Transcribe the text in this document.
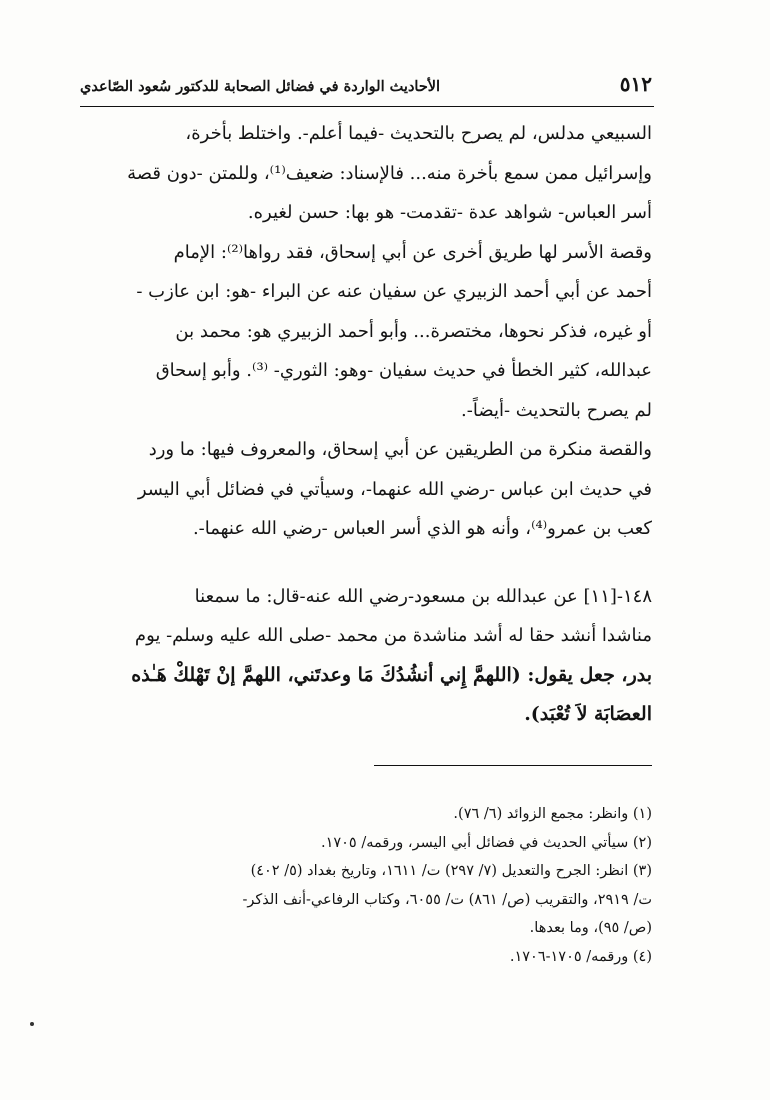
٥١٢
الأحاديث الواردة في فضائل الصحابة للدكتور سُعود الصّاعدي
السبيعي مدلس، لم يصرح بالتحديث -فيما أعلم-. واختلط بأخرة،
وإسرائيل ممن سمع بأخرة منه... فالإسناد: ضعيف⁽¹⁾، وللمتن -دون قصة
أسر العباس- شواهد عدة -تقدمت- هو بها: حسن لغيره.
وقصة الأسر لها طريق أخرى عن أبي إسحاق، فقد رواها⁽²⁾: الإمام
أحمد عن أبي أحمد الزبيري عن سفيان عنه عن البراء -هو: ابن عازب -
أو غيره، فذكر نحوها، مختصرة... وأبو أحمد الزبيري هو: محمد بن
عبدالله، كثير الخطأ في حديث سفيان -وهو: الثوري- ⁽³⁾. وأبو إسحاق
لم يصرح بالتحديث -أيضاً-.
والقصة منكرة من الطريقين عن أبي إسحاق، والمعروف فيها: ما ورد
في حديث ابن عباس -رضي الله عنهما-، وسيأتي في فضائل أبي اليسر
كعب بن عمرو⁽⁴⁾، وأنه هو الذي أسر العباس -رضي الله عنهما-.
١٤٨-[١١] عن عبدالله بن مسعود-رضي الله عنه-قال: ما سمعنا
مناشدا أنشد حقا له أشد مناشدة من محمد -صلى الله عليه وسلم- يوم
بدر، جعل يقول: (اللهمَّ إِني أنشُدُكَ مَا وعدتَني، اللهمَّ إنْ تَهْلكْ هَـٰذه
العصَابَة لاَ تُعْبَد).
(١) وانظر: مجمع الزوائد (٦/ ٧٦).
(٢) سيأتي الحديث في فضائل أبي اليسر، ورقمه/ ١٧٠٥.
(٣) انظر: الجرح والتعديل (٧/ ٢٩٧) ت/ ١٦١١، وتاريخ بغداد (٥/ ٤٠٢)
ت/ ٢٩١٩، والتقريب (ص/ ٨٦١) ت/ ٦٠٥٥، وكتاب الرفاعي-أنف الذكر-
(ص/ ٩٥)، وما بعدها.
(٤) ورقمه/ ١٧٠٥-١٧٠٦.
